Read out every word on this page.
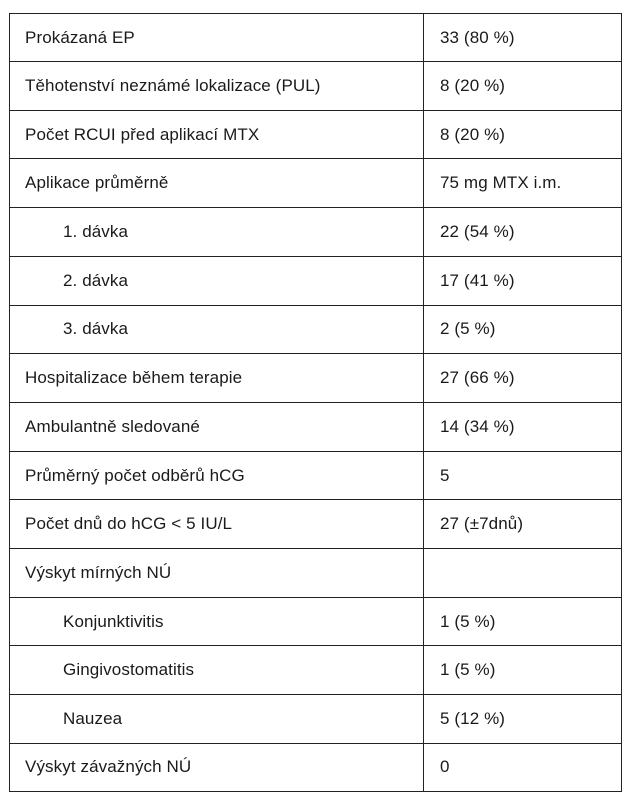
Prokázaná EP	33 (80 %)
Těhotenství neznámé lokalizace (PUL)	8 (20 %)
Počet RCUI před aplikací MTX	8 (20 %)
Aplikace průměrně	75 mg MTX i.m.
1. dávka	22 (54 %)
2. dávka	17 (41 %)
3. dávka	2 (5 %)
Hospitalizace během terapie	27 (66 %)
Ambulantně sledované	14 (34 %)
Průměrný počet odběrů hCG	5
Počet dnů do hCG < 5 IU/L	27 (±7dnů)
Výskyt mírných NÚ	
Konjunktivitis	1 (5 %)
Gingivostomatitis	1 (5 %)
Nauzea	5 (12 %)
Výskyt závažných NÚ	0
